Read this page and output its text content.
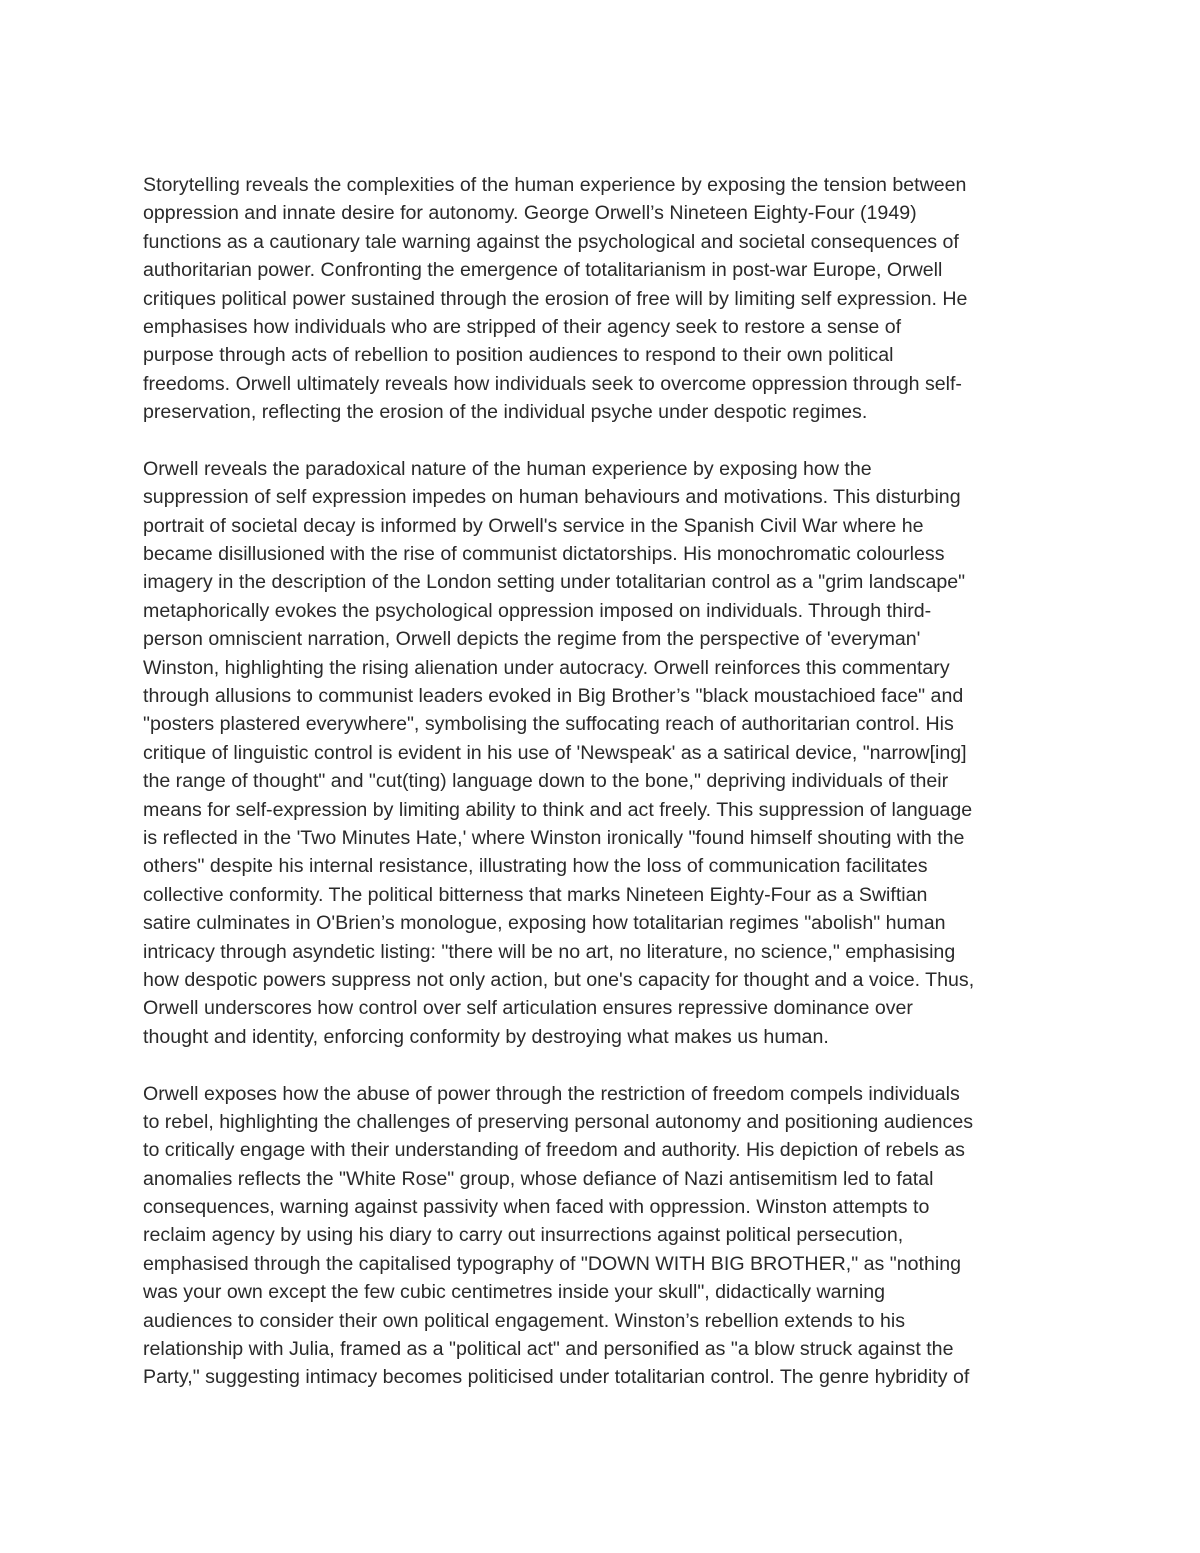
Storytelling reveals the complexities of the human experience by exposing the tension between
oppression and innate desire for autonomy. George Orwell’s Nineteen Eighty-Four (1949)
functions as a cautionary tale warning against the psychological and societal consequences of
authoritarian power. Confronting the emergence of totalitarianism in post-war Europe, Orwell
critiques political power sustained through the erosion of free will by limiting self expression. He
emphasises how individuals who are stripped of their agency seek to restore a sense of
purpose through acts of rebellion to position audiences to respond to their own political
freedoms. Orwell ultimately reveals how individuals seek to overcome oppression through self-
preservation, reflecting the erosion of the individual psyche under despotic regimes.
Orwell reveals the paradoxical nature of the human experience by exposing how the
suppression of self expression impedes on human behaviours and motivations. This disturbing
portrait of societal decay is informed by Orwell's service in the Spanish Civil War where he
became disillusioned with the rise of communist dictatorships. His monochromatic colourless
imagery in the description of the London setting under totalitarian control as a "grim landscape"
metaphorically evokes the psychological oppression imposed on individuals. Through third-
person omniscient narration, Orwell depicts the regime from the perspective of 'everyman'
Winston, highlighting the rising alienation under autocracy. Orwell reinforces this commentary
through allusions to communist leaders evoked in Big Brother’s "black moustachioed face" and
"posters plastered everywhere", symbolising the suffocating reach of authoritarian control. His
critique of linguistic control is evident in his use of 'Newspeak' as a satirical device, "narrow[ing]
the range of thought" and "cut(ting) language down to the bone," depriving individuals of their
means for self-expression by limiting ability to think and act freely. This suppression of language
is reflected in the 'Two Minutes Hate,' where Winston ironically "found himself shouting with the
others" despite his internal resistance, illustrating how the loss of communication facilitates
collective conformity. The political bitterness that marks Nineteen Eighty-Four as a Swiftian
satire culminates in O'Brien’s monologue, exposing how totalitarian regimes "abolish" human
intricacy through asyndetic listing: "there will be no art, no literature, no science," emphasising
how despotic powers suppress not only action, but one's capacity for thought and a voice. Thus,
Orwell underscores how control over self articulation ensures repressive dominance over
thought and identity, enforcing conformity by destroying what makes us human.
Orwell exposes how the abuse of power through the restriction of freedom compels individuals
to rebel, highlighting the challenges of preserving personal autonomy and positioning audiences
to critically engage with their understanding of freedom and authority. His depiction of rebels as
anomalies reflects the "White Rose" group, whose defiance of Nazi antisemitism led to fatal
consequences, warning against passivity when faced with oppression. Winston attempts to
reclaim agency by using his diary to carry out insurrections against political persecution,
emphasised through the capitalised typography of "DOWN WITH BIG BROTHER," as "nothing
was your own except the few cubic centimetres inside your skull", didactically warning
audiences to consider their own political engagement. Winston’s rebellion extends to his
relationship with Julia, framed as a "political act" and personified as "a blow struck against the
Party," suggesting intimacy becomes politicised under totalitarian control. The genre hybridity of
